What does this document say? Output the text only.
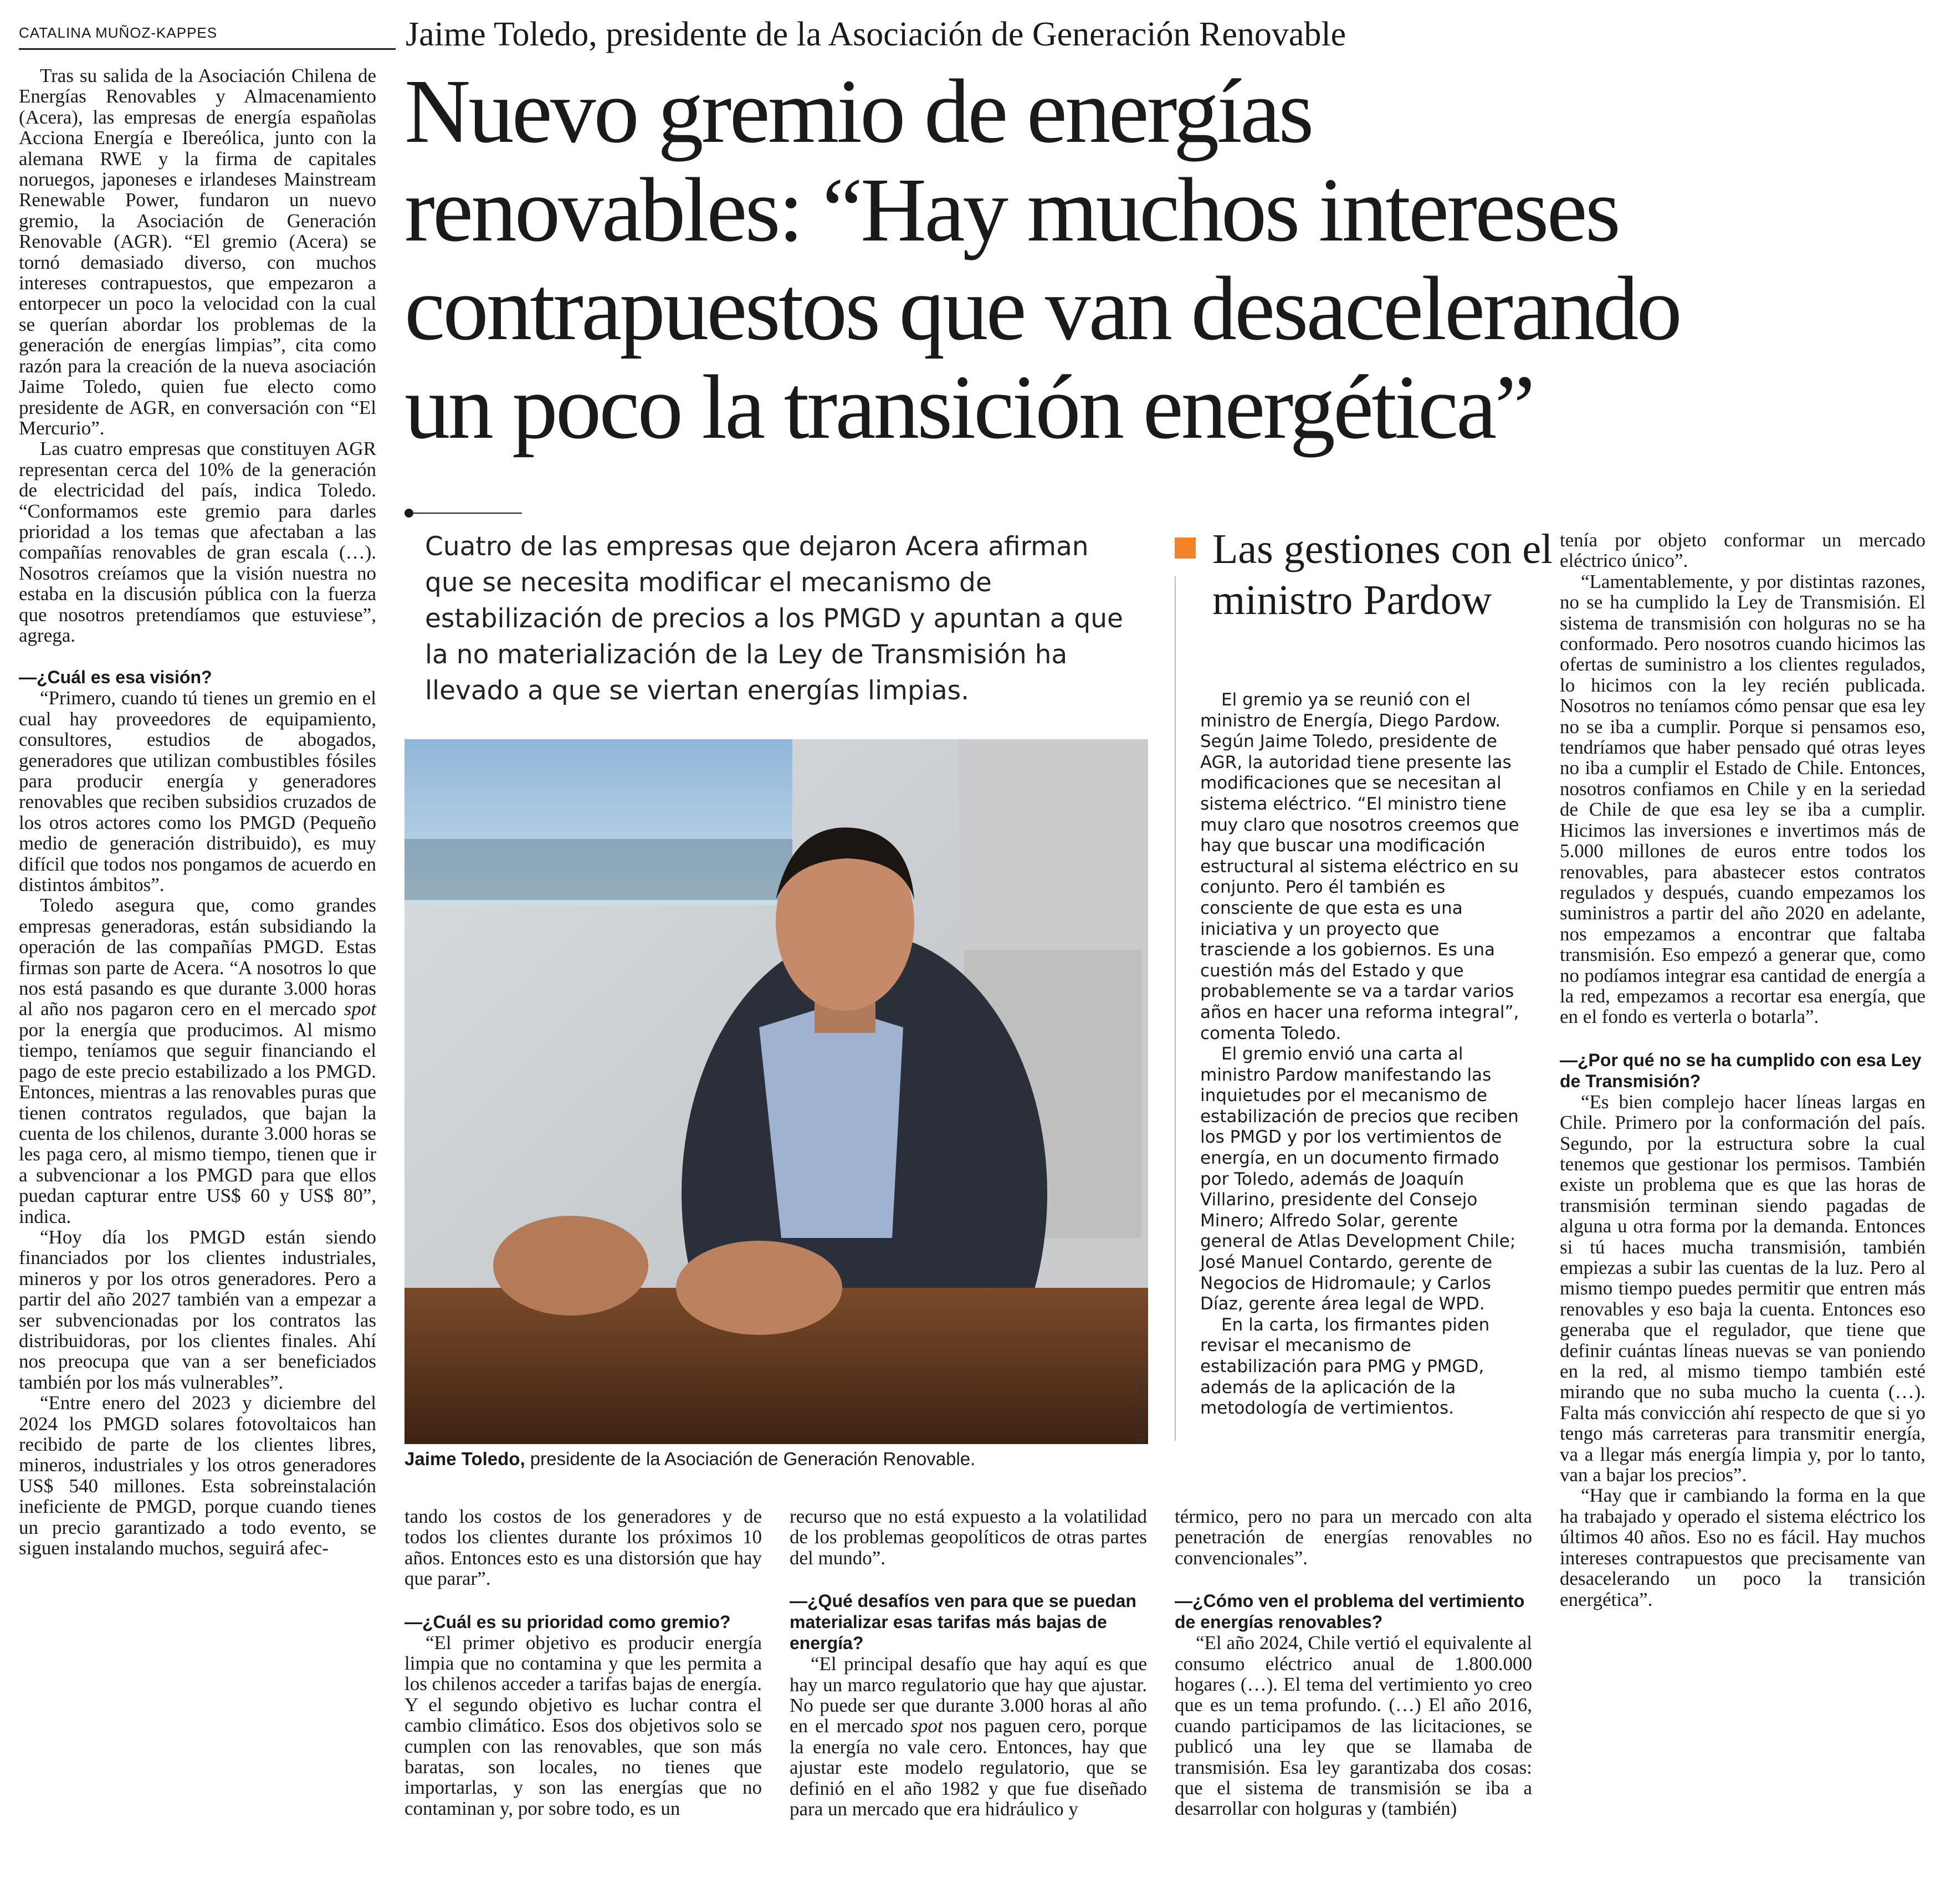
CATALINA MUÑOZ-KAPPES	Jaime Toledo, presidente de la Asociación de Generación Renovable
Nuevo gremio de energías
renovables: “Hay muchos intereses
contrapuestos que van desacelerando
un poco la transición energética”
Cuatro de las empresas que dejaron Acera afirman que se necesita modificar el mecanismo de estabilización de precios a los PMGD y apuntan a que la no materialización de la Ley de Transmisión ha llevado a que se viertan energías limpias.

Tras su salida de la Asociación Chilena de Energías Renovables y Almacenamiento (Acera), las empresas de energía españolas Acciona Energía e Ibereólica, junto con la alemana RWE y la firma de capitales noruegos, japoneses e irlandeses Mainstream Renewable Power, fundaron un nuevo gremio, la Asociación de Generación Renovable (AGR). “El gremio (Acera) se tornó demasiado diverso, con muchos intereses contrapuestos, que empezaron a entorpecer un poco la velocidad con la cual se querían abordar los problemas de la generación de energías limpias”, cita como razón para la creación de la nueva asociación Jaime Toledo, quien fue electo como presidente de AGR, en conversación con “El Mercurio”.

Las cuatro empresas que constituyen AGR representan cerca del 10% de la generación de electricidad del país, indica Toledo. “Conformamos este gremio para darles prioridad a los temas que afectaban a las compañías renovables de gran escala (…). Nosotros creíamos que la visión nuestra no estaba en la discusión pública con la fuerza que nosotros pretendíamos que estuviese”, agrega.

—¿Cuál es esa visión?

“Primero, cuando tú tienes un gremio en el cual hay proveedores de equipamiento, consultores, estudios de abogados, generadores que utilizan combustibles fósiles para producir energía y generadores renovables que reciben subsidios cruzados de los otros actores como los PMGD (Pequeño medio de generación distribuido), es muy difícil que todos nos pongamos de acuerdo en distintos ámbitos”.

Toledo asegura que, como grandes empresas generadoras, están subsidiando la operación de las compañías PMGD. Estas firmas son parte de Acera. “A nosotros lo que nos está pasando es que durante 3.000 horas al año nos pagaron cero en el mercado spot por la energía que producimos. Al mismo tiempo, teníamos que seguir financiando el pago de este precio estabilizado a los PMGD. Entonces, mientras a las renovables puras que tienen contratos regulados, que bajan la cuenta de los chilenos, durante 3.000 horas se les paga cero, al mismo tiempo, tienen que ir a subvencionar a los PMGD para que ellos puedan capturar entre US$ 60 y US$ 80”, indica.

“Hoy día los PMGD están siendo financiados por los clientes industriales, mineros y por los otros generadores. Pero a partir del año 2027 también van a empezar a ser subvencionadas por los contratos las distribuidoras, por los clientes finales. Ahí nos preocupa que van a ser beneficiados también por los más vulnerables”.

“Entre enero del 2023 y diciembre del 2024 los PMGD solares fotovoltaicos han recibido de parte de los clientes libres, mineros, industriales y los otros generadores US$ 540 millones. Esta sobreinstalación ineficiente de PMGD, porque cuando tienes un precio garantizado a todo evento, se siguen instalando muchos, seguirá afec-

FELIPE BAEZ
Jaime Toledo, presidente de la Asociación de Generación Renovable.

tando los costos de los generadores y de todos los clientes durante los próximos 10 años. Entonces esto es una distorsión que hay que parar”.

—¿Cuál es su prioridad como gremio?

“El primer objetivo es producir energía limpia que no contamina y que les permita a los chilenos acceder a tarifas bajas de energía. Y el segundo objetivo es luchar contra el cambio climático. Esos dos objetivos solo se cumplen con las renovables, que son más baratas, son locales, no tienes que importarlas, y son las energías que no contaminan y, por sobre todo, es un

recurso que no está expuesto a la volatilidad de los problemas geopolíticos de otras partes del mundo”.

—¿Qué desafíos ven para que se puedan materializar esas tarifas más bajas de energía?

“El principal desafío que hay aquí es que hay un marco regulatorio que hay que ajustar. No puede ser que durante 3.000 horas al año en el mercado spot nos paguen cero, porque la energía no vale cero. Entonces, hay que ajustar este modelo regulatorio, que se definió en el año 1982 y que fue diseñado para un mercado que era hidráulico y

Las gestiones con el ministro Pardow

El gremio ya se reunió con el ministro de Energía, Diego Pardow. Según Jaime Toledo, presidente de AGR, la autoridad tiene presente las modificaciones que se necesitan al sistema eléctrico. “El ministro tiene muy claro que nosotros creemos que hay que buscar una modificación estructural al sistema eléctrico en su conjunto. Pero él también es consciente de que esta es una iniciativa y un proyecto que trasciende a los gobiernos. Es una cuestión más del Estado y que probablemente se va a tardar varios años en hacer una reforma integral”, comenta Toledo.

El gremio envió una carta al ministro Pardow manifestando las inquietudes por el mecanismo de estabilización de precios que reciben los PMGD y por los vertimientos de energía, en un documento firmado por Toledo, además de Joaquín Villarino, presidente del Consejo Minero; Alfredo Solar, gerente general de Atlas Development Chile; José Manuel Contardo, gerente de Negocios de Hidromaule; y Carlos Díaz, gerente área legal de WPD.

En la carta, los firmantes piden revisar el mecanismo de estabilización para PMG y PMGD, además de la aplicación de la metodología de vertimientos.

térmico, pero no para un mercado con alta penetración de energías renovables no convencionales”.

—¿Cómo ven el problema del vertimiento de energías renovables?

“El año 2024, Chile vertió el equivalente al consumo eléctrico anual de 1.800.000 hogares (…). El tema del vertimiento yo creo que es un tema profundo. (…) El año 2016, cuando participamos de las licitaciones, se publicó una ley que se llamaba de transmisión. Esa ley garantizaba dos cosas: que el sistema de transmisión se iba a desarrollar con holguras y (también)

tenía por objeto conformar un mercado eléctrico único”.

“Lamentablemente, y por distintas razones, no se ha cumplido la Ley de Transmisión. El sistema de transmisión con holguras no se ha conformado. Pero nosotros cuando hicimos las ofertas de suministro a los clientes regulados, lo hicimos con la ley recién publicada. Nosotros no teníamos cómo pensar que esa ley no se iba a cumplir. Porque si pensamos eso, tendríamos que haber pensado qué otras leyes no iba a cumplir el Estado de Chile. Entonces, nosotros confiamos en Chile y en la seriedad de Chile de que esa ley se iba a cumplir. Hicimos las inversiones e invertimos más de 5.000 millones de euros entre todos los renovables, para abastecer estos contratos regulados y después, cuando empezamos los suministros a partir del año 2020 en adelante, nos empezamos a encontrar que faltaba transmisión. Eso empezó a generar que, como no podíamos integrar esa cantidad de energía a la red, empezamos a recortar esa energía, que en el fondo es verterla o botarla”.

—¿Por qué no se ha cumplido con esa Ley de Transmisión?

“Es bien complejo hacer líneas largas en Chile. Primero por la conformación del país. Segundo, por la estructura sobre la cual tenemos que gestionar los permisos. También existe un problema que es que las horas de transmisión terminan siendo pagadas de alguna u otra forma por la demanda. Entonces si tú haces mucha transmisión, también empiezas a subir las cuentas de la luz. Pero al mismo tiempo puedes permitir que entren más renovables y eso baja la cuenta. Entonces eso generaba que el regulador, que tiene que definir cuántas líneas nuevas se van poniendo en la red, al mismo tiempo también esté mirando que no suba mucho la cuenta (…). Falta más convicción ahí respecto de que si yo tengo más carreteras para transmitir energía, va a llegar más energía limpia y, por lo tanto, van a bajar los precios”.

“Hay que ir cambiando la forma en la que ha trabajado y operado el sistema eléctrico los últimos 40 años. Eso no es fácil. Hay muchos intereses contrapuestos que precisamente van desacelerando un poco la transición energética”.
